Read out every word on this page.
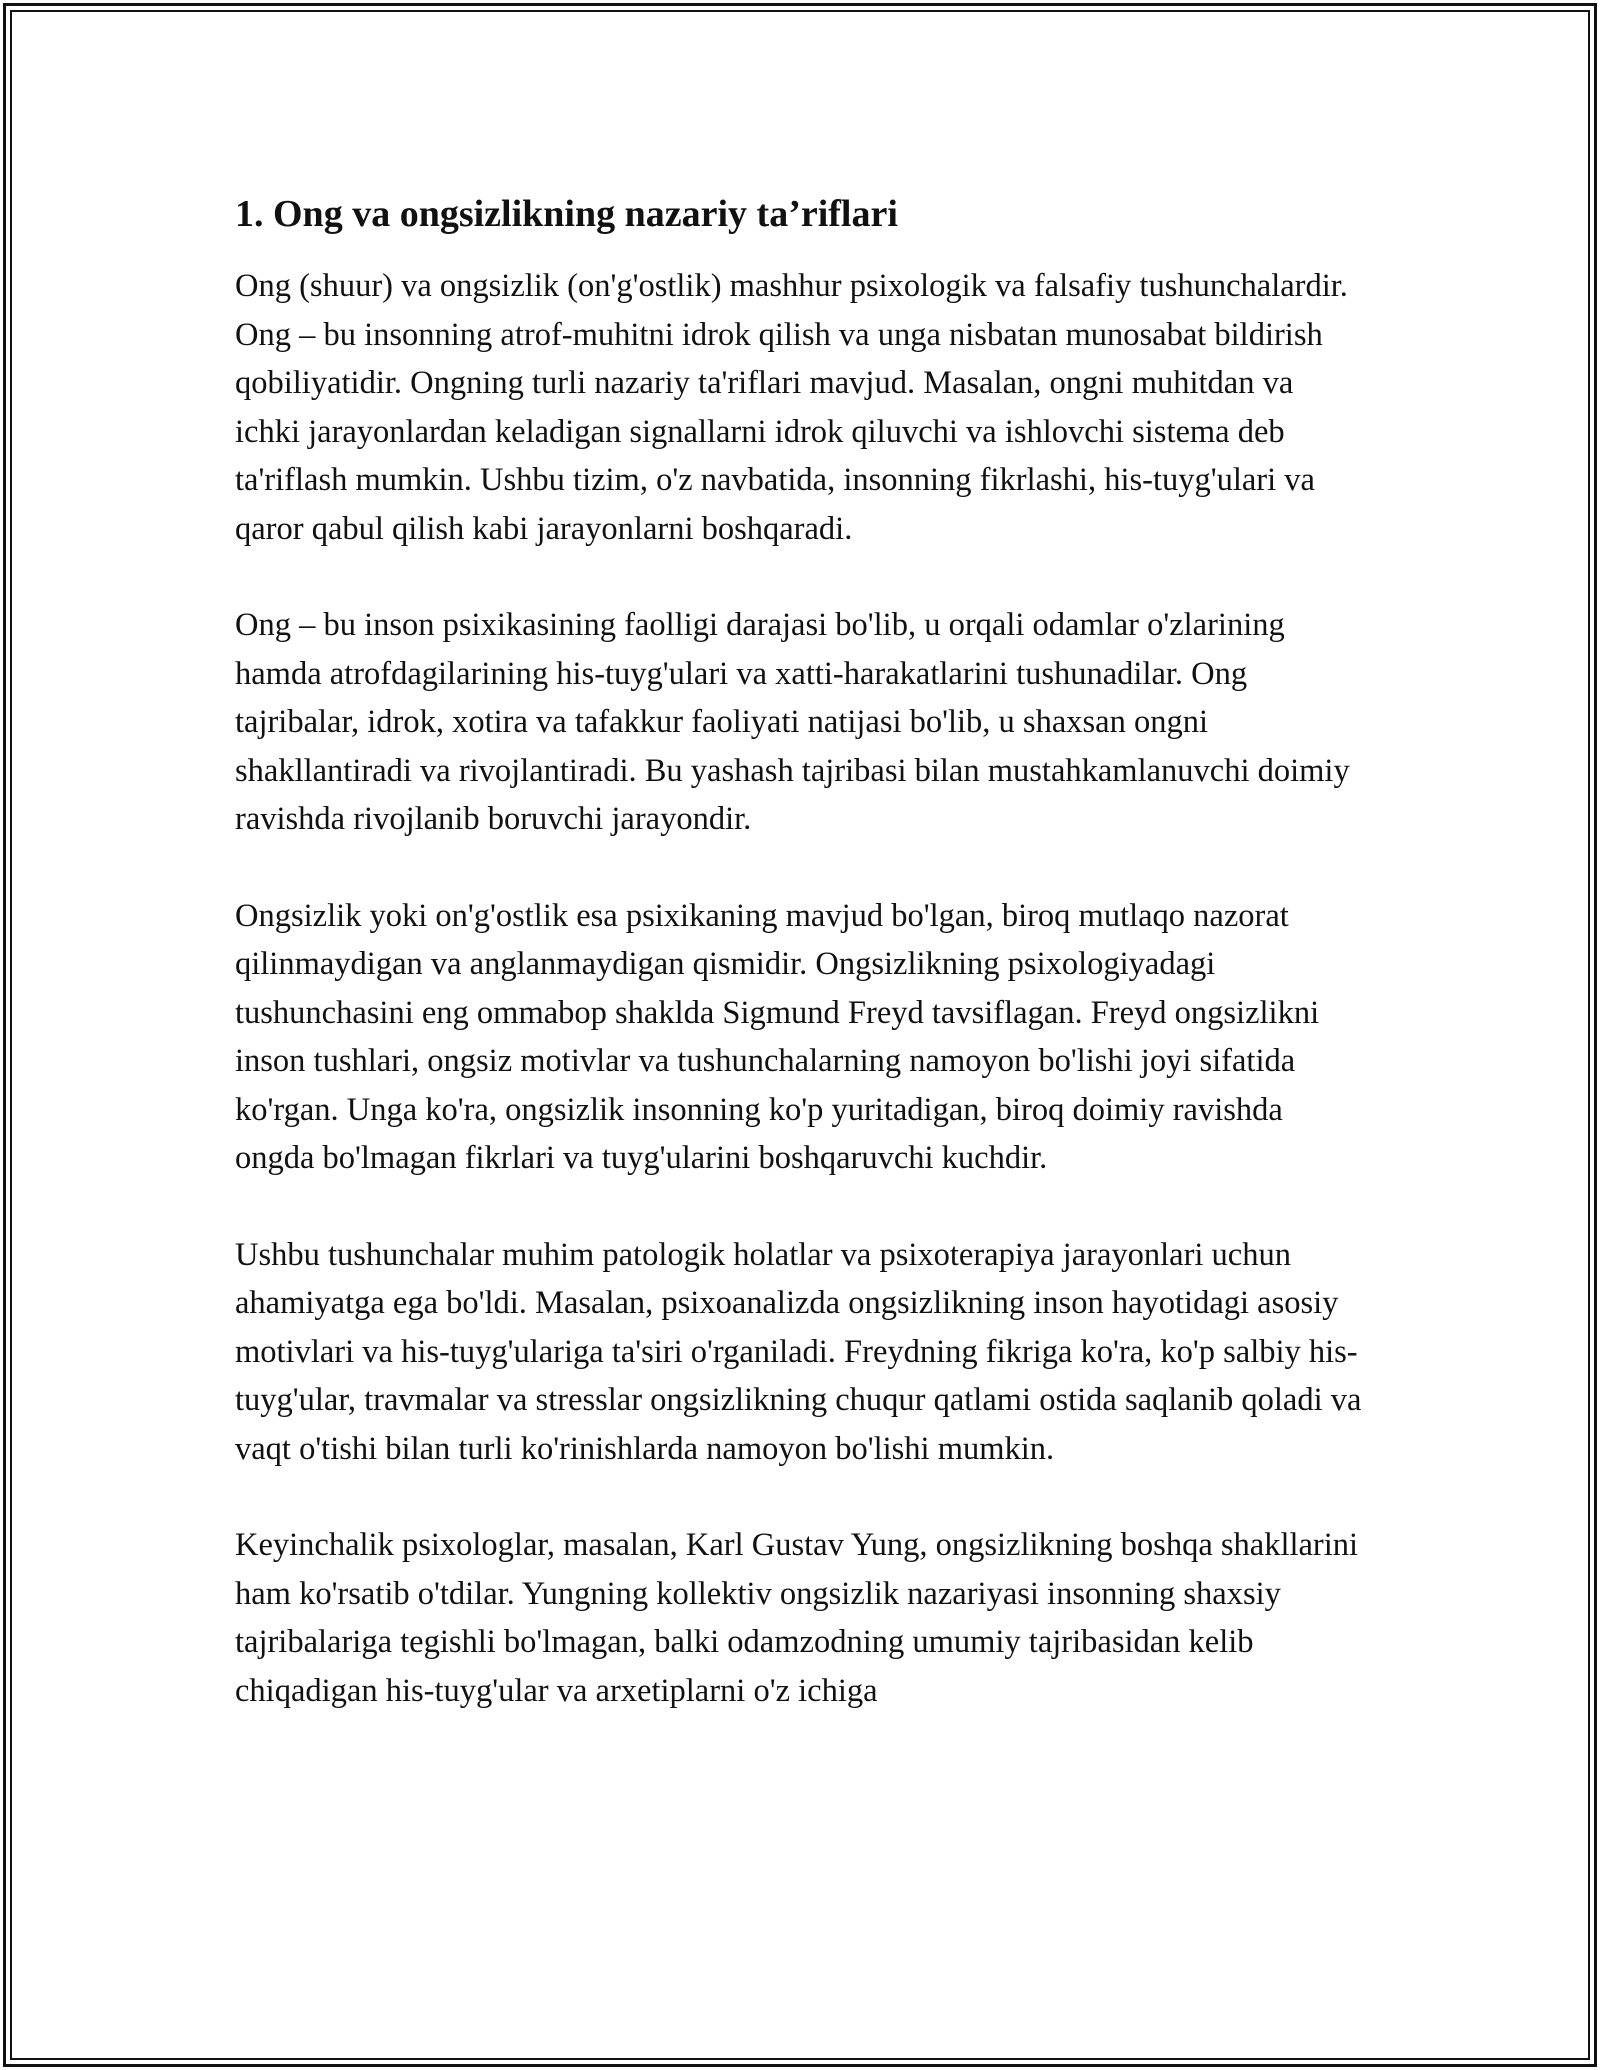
1. Ong va ongsizlikning nazariy ta’riflari

Ong (shuur) va ongsizlik (on'g'ostlik) mashhur psixologik va falsafiy tushunchalardir. Ong – bu insonning atrof-muhitni idrok qilish va unga nisbatan munosabat bildirish qobiliyatidir. Ongning turli nazariy ta'riflari mavjud. Masalan, ongni muhitdan va ichki jarayonlardan keladigan signallarni idrok qiluvchi va ishlovchi sistema deb ta'riflash mumkin. Ushbu tizim, o'z navbatida, insonning fikrlashi, his-tuyg'ulari va qaror qabul qilish kabi jarayonlarni boshqaradi.

Ong – bu inson psixikasining faolligi darajasi bo'lib, u orqali odamlar o'zlarining hamda atrofdagilarining his-tuyg'ulari va xatti-harakatlarini tushunadilar. Ong tajribalar, idrok, xotira va tafakkur faoliyati natijasi bo'lib, u shaxsan ongni shakllantiradi va rivojlantiradi. Bu yashash tajribasi bilan mustahkamlanuvchi doimiy ravishda rivojlanib boruvchi jarayondir.

Ongsizlik yoki on'g'ostlik esa psixikaning mavjud bo'lgan, biroq mutlaqo nazorat qilinmaydigan va anglanmaydigan qismidir. Ongsizlikning psixologiyadagi tushunchasini eng ommabop shaklda Sigmund Freyd tavsiflagan. Freyd ongsizlikni inson tushlari, ongsiz motivlar va tushunchalarning namoyon bo'lishi joyi sifatida ko'rgan. Unga ko'ra, ongsizlik insonning ko'p yuritadigan, biroq doimiy ravishda ongda bo'lmagan fikrlari va tuyg'ularini boshqaruvchi kuchdir.

Ushbu tushunchalar muhim patologik holatlar va psixoterapiya jarayonlari uchun ahamiyatga ega bo'ldi. Masalan, psixoanalizda ongsizlikning inson hayotidagi asosiy motivlari va his-tuyg'ulariga ta'siri o'rganiladi. Freydning fikriga ko'ra, ko'p salbiy his-tuyg'ular, travmalar va stresslar ongsizlikning chuqur qatlami ostida saqlanib qoladi va vaqt o'tishi bilan turli ko'rinishlarda namoyon bo'lishi mumkin.

Keyinchalik psixologlar, masalan, Karl Gustav Yung, ongsizlikning boshqa shakllarini ham ko'rsatib o'tdilar. Yungning kollektiv ongsizlik nazariyasi insonning shaxsiy tajribalariga tegishli bo'lmagan, balki odamzodning umumiy tajribasidan kelib chiqadigan his-tuyg'ular va arxetiplarni o'z ichiga
